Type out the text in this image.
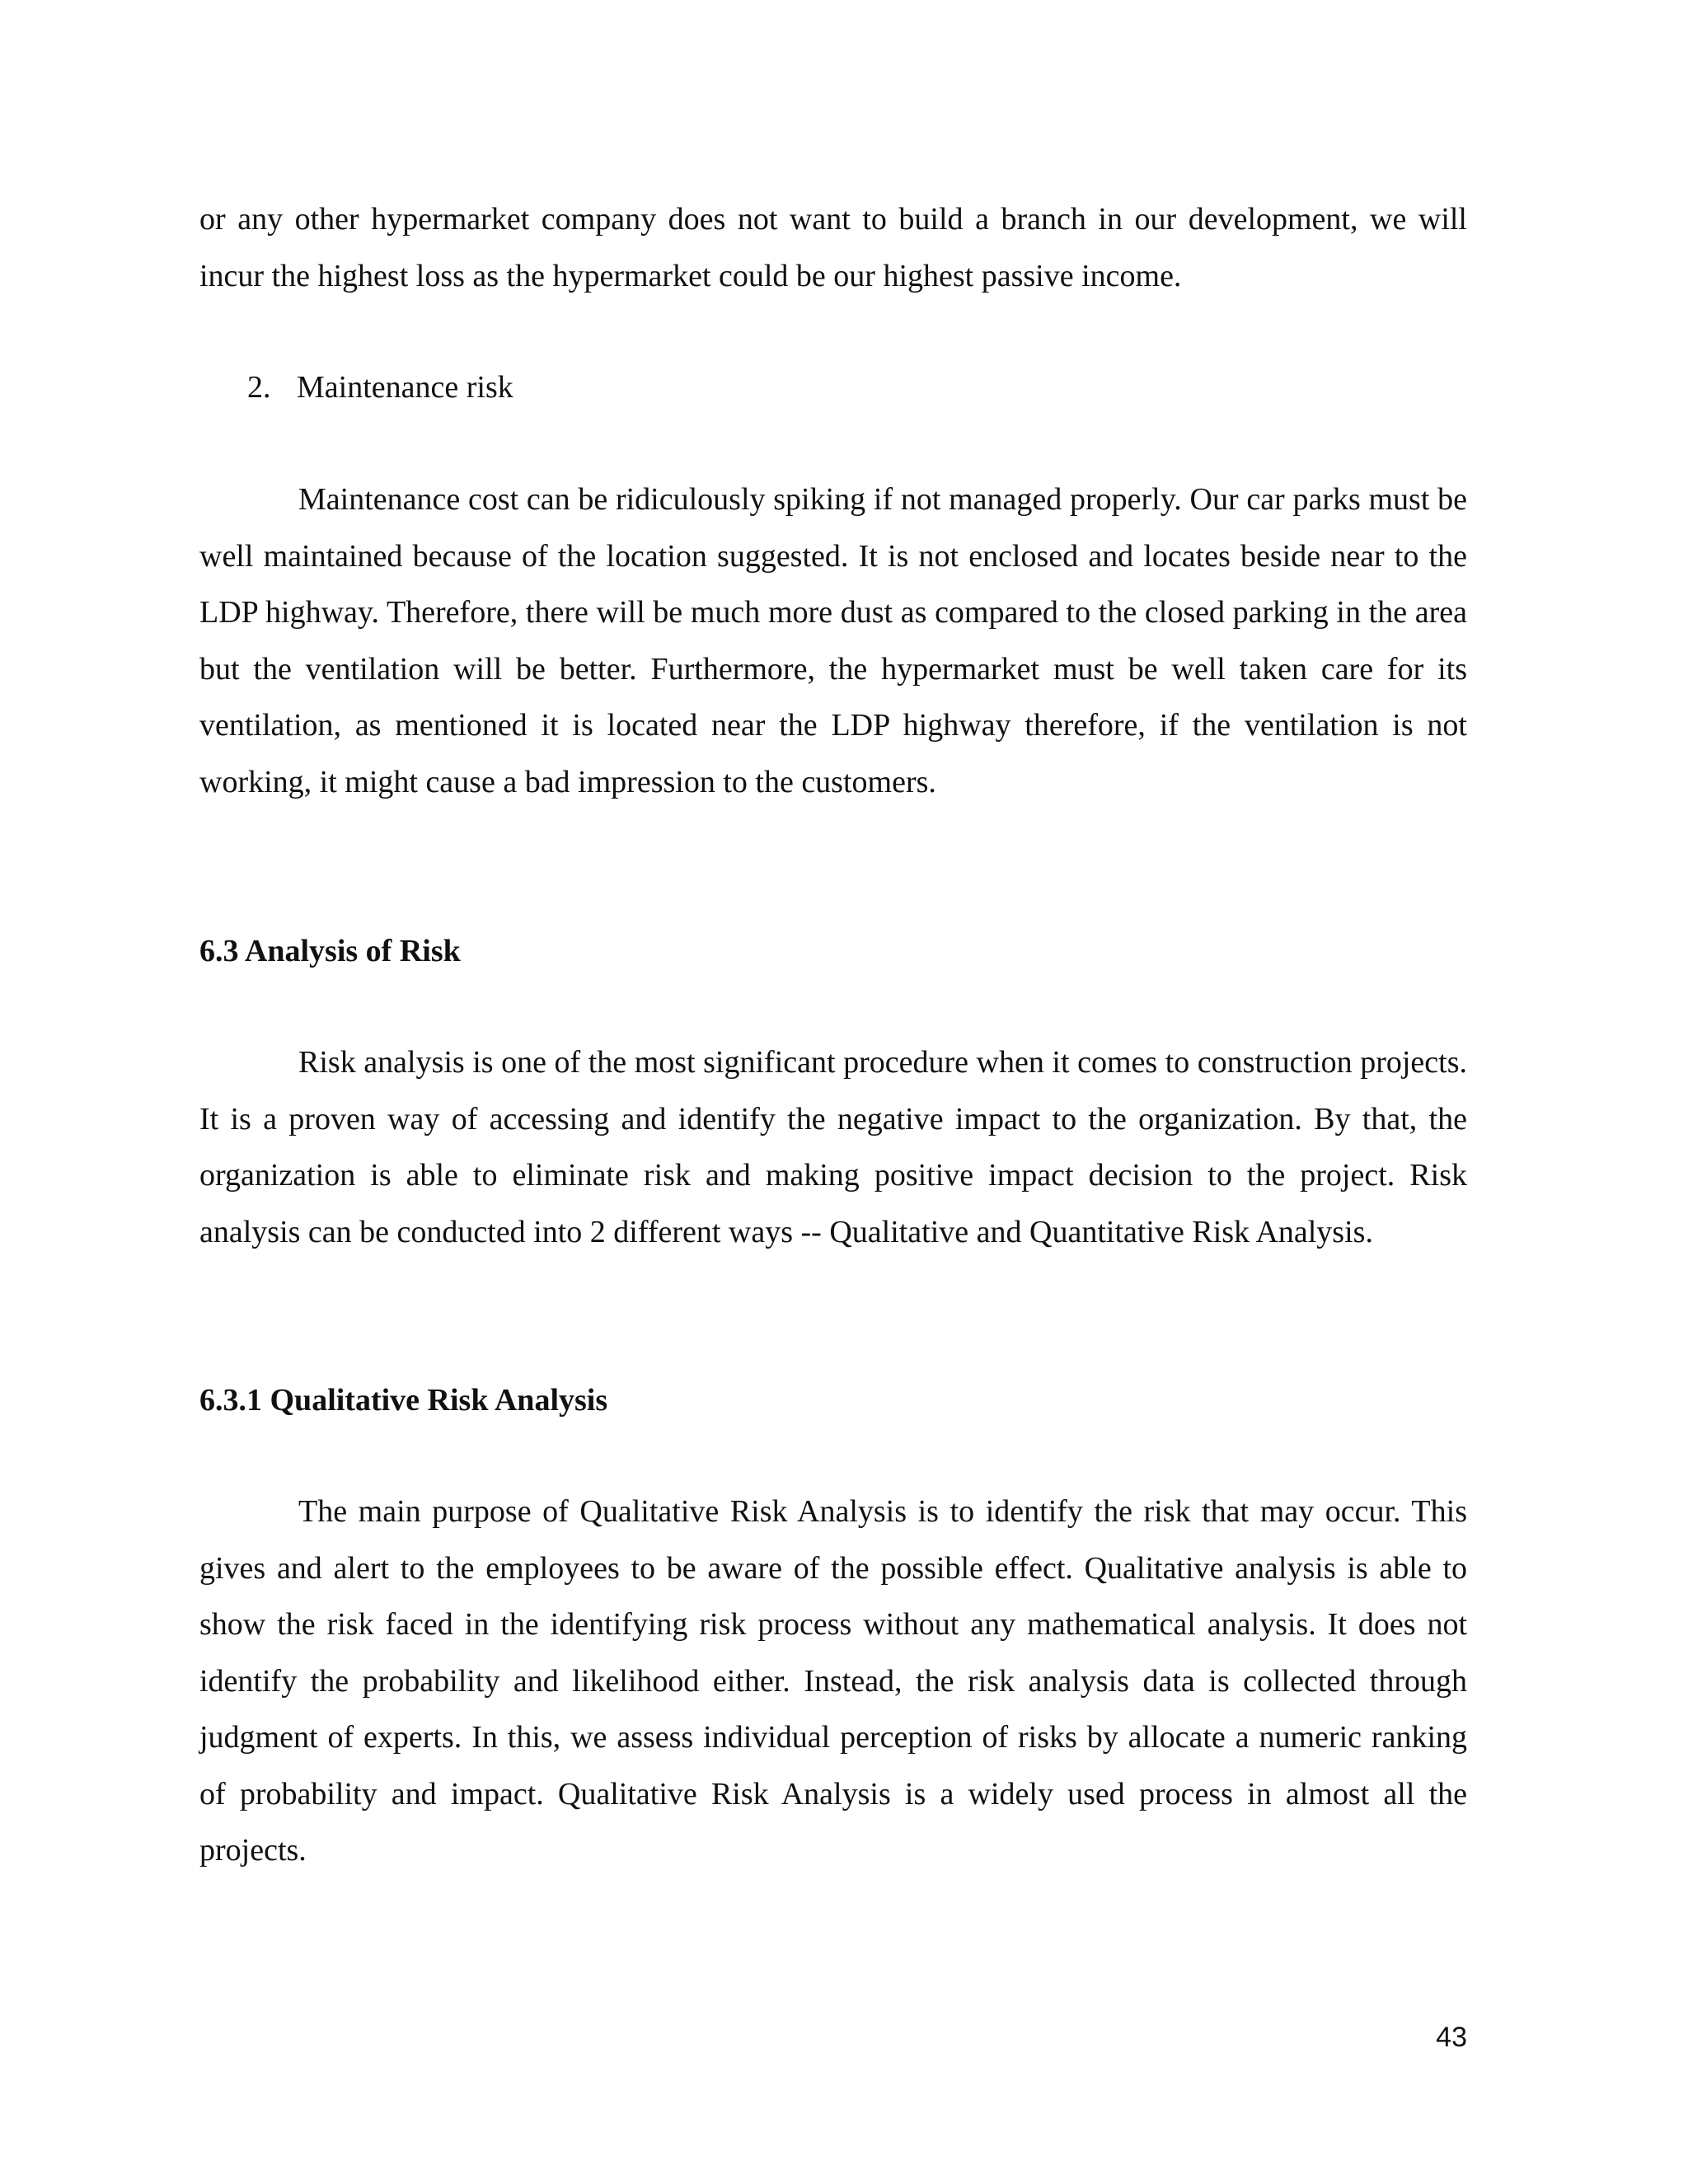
or any other hypermarket company does not want to build a branch in our development, we will incur the highest loss as the hypermarket could be our highest passive income.

2. Maintenance risk

Maintenance cost can be ridiculously spiking if not managed properly. Our car parks must be well maintained because of the location suggested. It is not enclosed and locates beside near to the LDP highway. Therefore, there will be much more dust as compared to the closed parking in the area but the ventilation will be better. Furthermore, the hypermarket must be well taken care for its ventilation, as mentioned it is located near the LDP highway therefore, if the ventilation is not working, it might cause a bad impression to the customers.

6.3 Analysis of Risk

Risk analysis is one of the most significant procedure when it comes to construction projects. It is a proven way of accessing and identify the negative impact to the organization. By that, the organization is able to eliminate risk and making positive impact decision to the project. Risk analysis can be conducted into 2 different ways -- Qualitative and Quantitative Risk Analysis.

6.3.1 Qualitative Risk Analysis

The main purpose of Qualitative Risk Analysis is to identify the risk that may occur. This gives and alert to the employees to be aware of the possible effect. Qualitative analysis is able to show the risk faced in the identifying risk process without any mathematical analysis. It does not identify the probability and likelihood either. Instead, the risk analysis data is collected through judgment of experts. In this, we assess individual perception of risks by allocate a numeric ranking of probability and impact. Qualitative Risk Analysis is a widely used process in almost all the projects.

43
